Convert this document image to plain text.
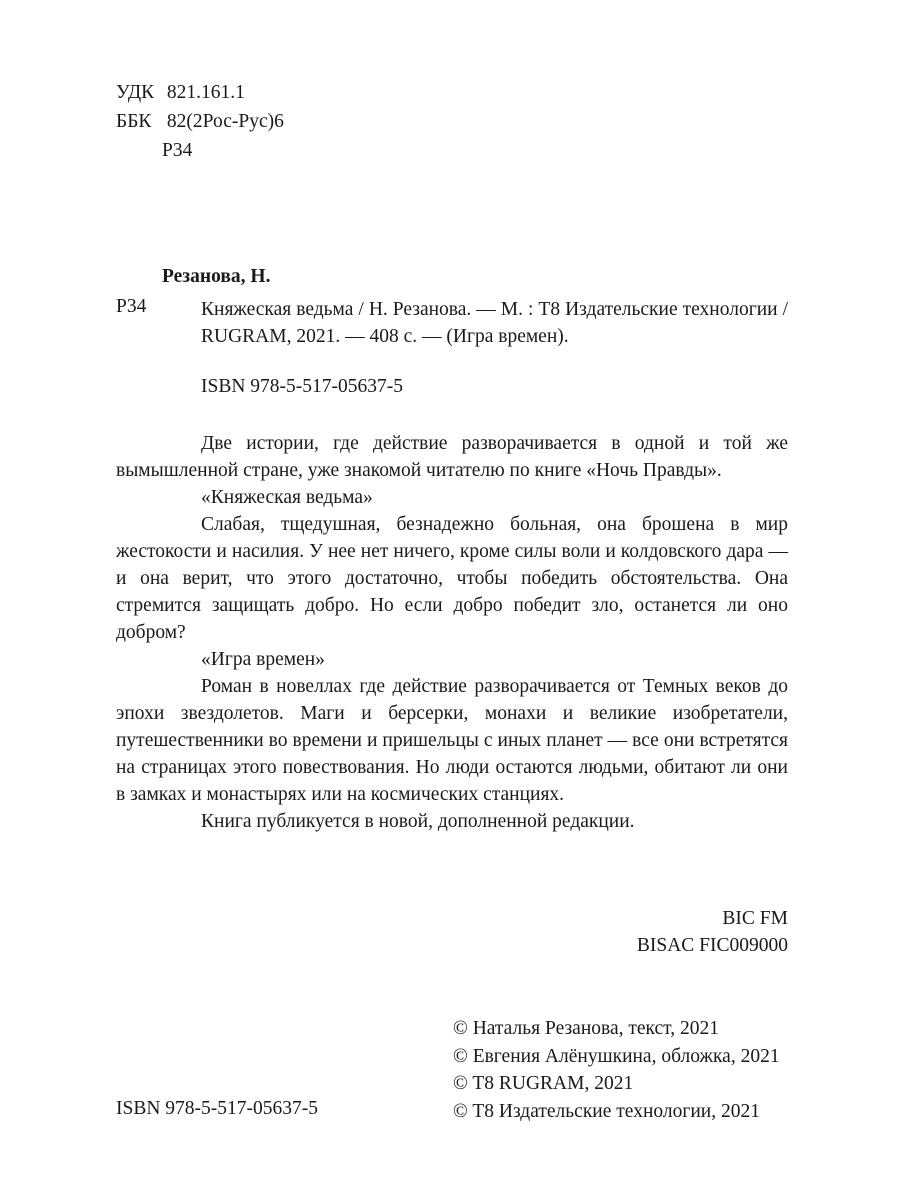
УДК 821.161.1
ББК 82(2Рос-Рус)6
Р34
Резанова, Н.
Р34	Княжеская ведьма / Н. Резанова. — М. : T8 Издательские технологии / RUGRAM, 2021. — 408 с. — (Игра времен).

ISBN 978-5-517-05637-5

Две истории, где действие разворачивается в одной и той же вымышленной стране, уже знакомой читателю по книге «Ночь Правды».

«Княжеская ведьма»

Слабая, тщедушная, безнадежно больная, она брошена в мир жестокости и насилия. У нее нет ничего, кроме силы воли и колдовского дара — и она верит, что этого достаточно, чтобы победить обстоятельства. Она стремится защищать добро. Но если добро победит зло, останется ли оно добром?

«Игра времен»

Роман в новеллах где действие разворачивается от Темных веков до эпохи звездолетов. Маги и берсерки, монахи и великие изобретатели, путешественники во времени и пришельцы с иных планет — все они встретятся на страницах этого повествования. Но люди остаются людьми, обитают ли они в замках и монастырях или на космических станциях.

Книга публикуется в новой, дополненной редакции.

BIC FM
BISAC FIC009000
© Наталья Резанова, текст, 2021
© Евгения Алёнушкина, обложка, 2021
© T8 RUGRAM, 2021
© T8 Издательские технологии, 2021
ISBN 978-5-517-05637-5
